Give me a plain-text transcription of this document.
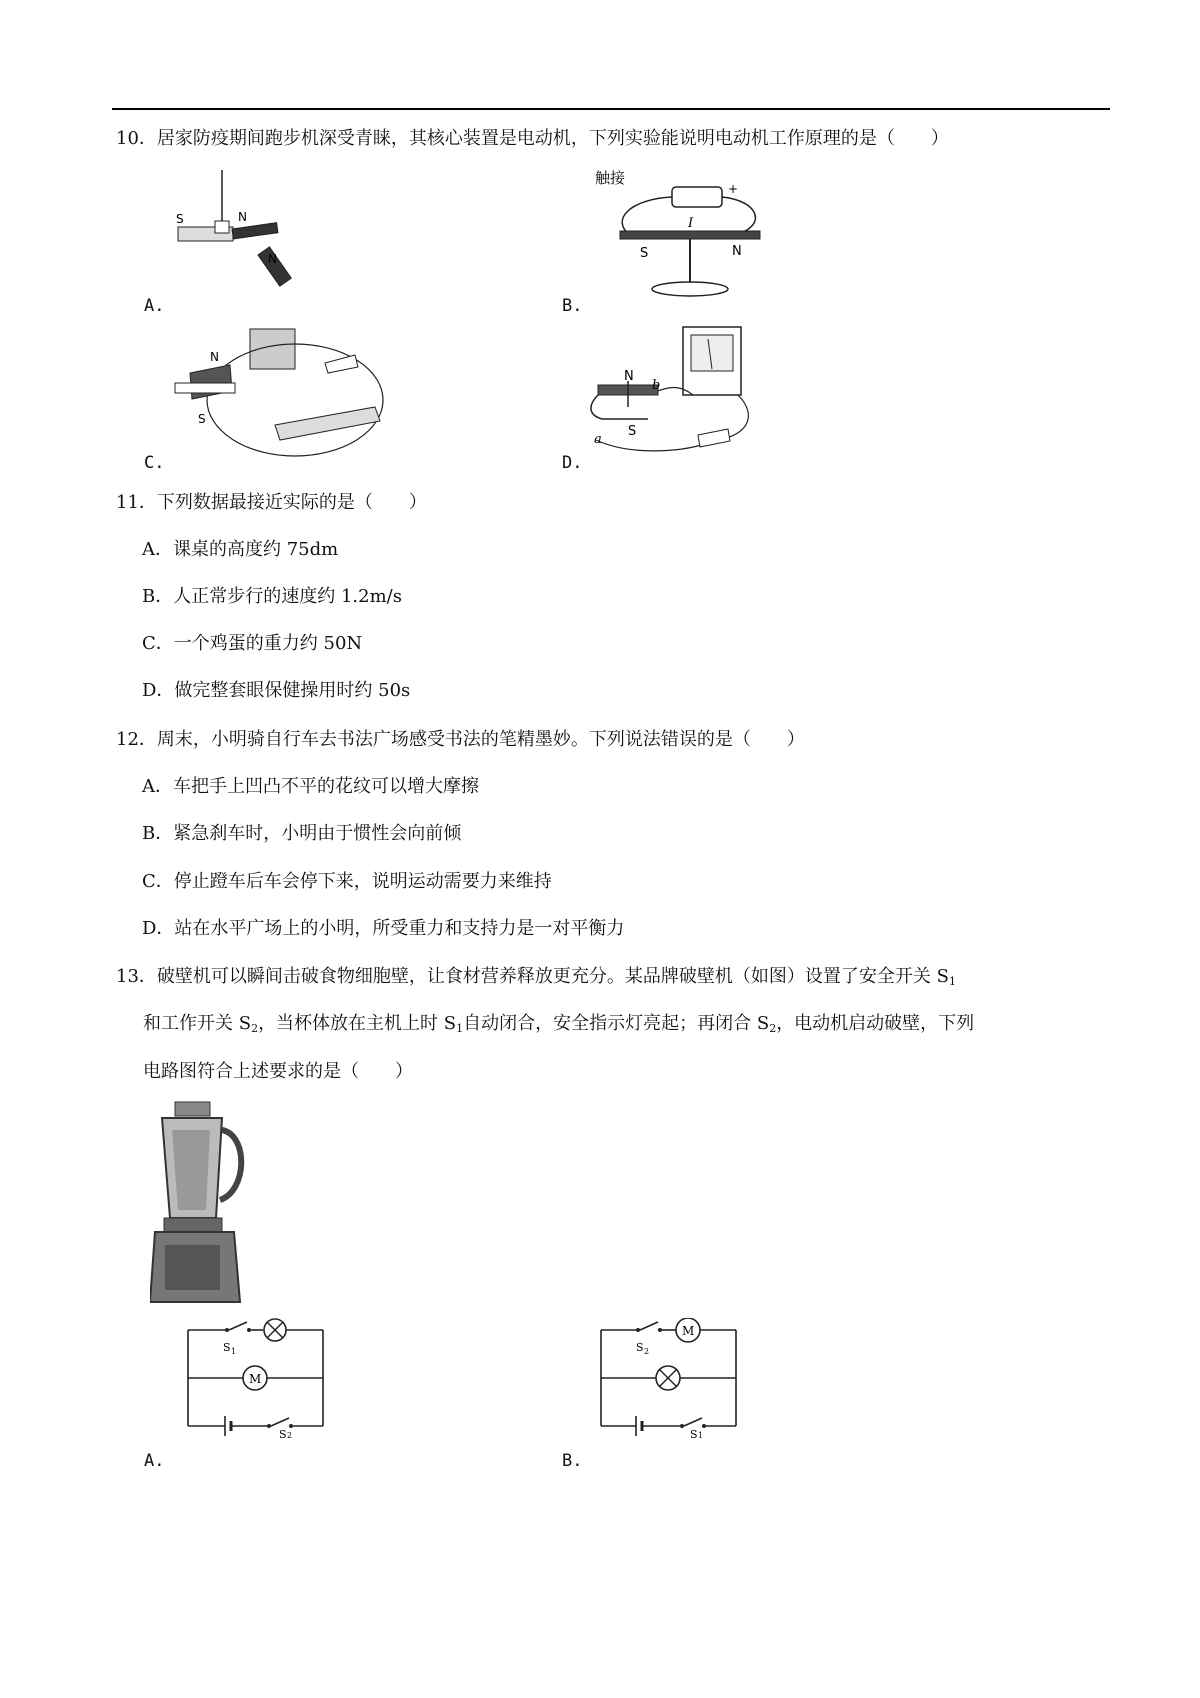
10．居家防疫期间跑步机深受青睐，其核心装置是电动机，下列实验能说明电动机工作原理的是（　　）
S	N
N
A.
触接
+
I
S	N
B.
N
S
C.
N
S
b
a
D.
11．下列数据最接近实际的是（　　）
A．课桌的高度约 75dm
B．人正常步行的速度约 1.2m/s
C．一个鸡蛋的重力约 50N
D．做完整套眼保健操用时约 50s
12．周末，小明骑自行车去书法广场感受书法的笔精墨妙。下列说法错误的是（　　）
A．车把手上凹凸不平的花纹可以增大摩擦
B．紧急刹车时，小明由于惯性会向前倾
C．停止蹬车后车会停下来，说明运动需要力来维持
D．站在水平广场上的小明，所受重力和支持力是一对平衡力
13．破壁机可以瞬间击破食物细胞壁，让食材营养释放更充分。某品牌破壁机（如图）设置了安全开关 $S_1$
和工作开关 $S_2$，当杯体放在主机上时 $S_1$自动闭合，安全指示灯亮起；再闭合 $S_2$，电动机启动破壁，下列
电路图符合上述要求的是（　　）
S 1
M
S 2
A.
M
S 2
S 1
B.
